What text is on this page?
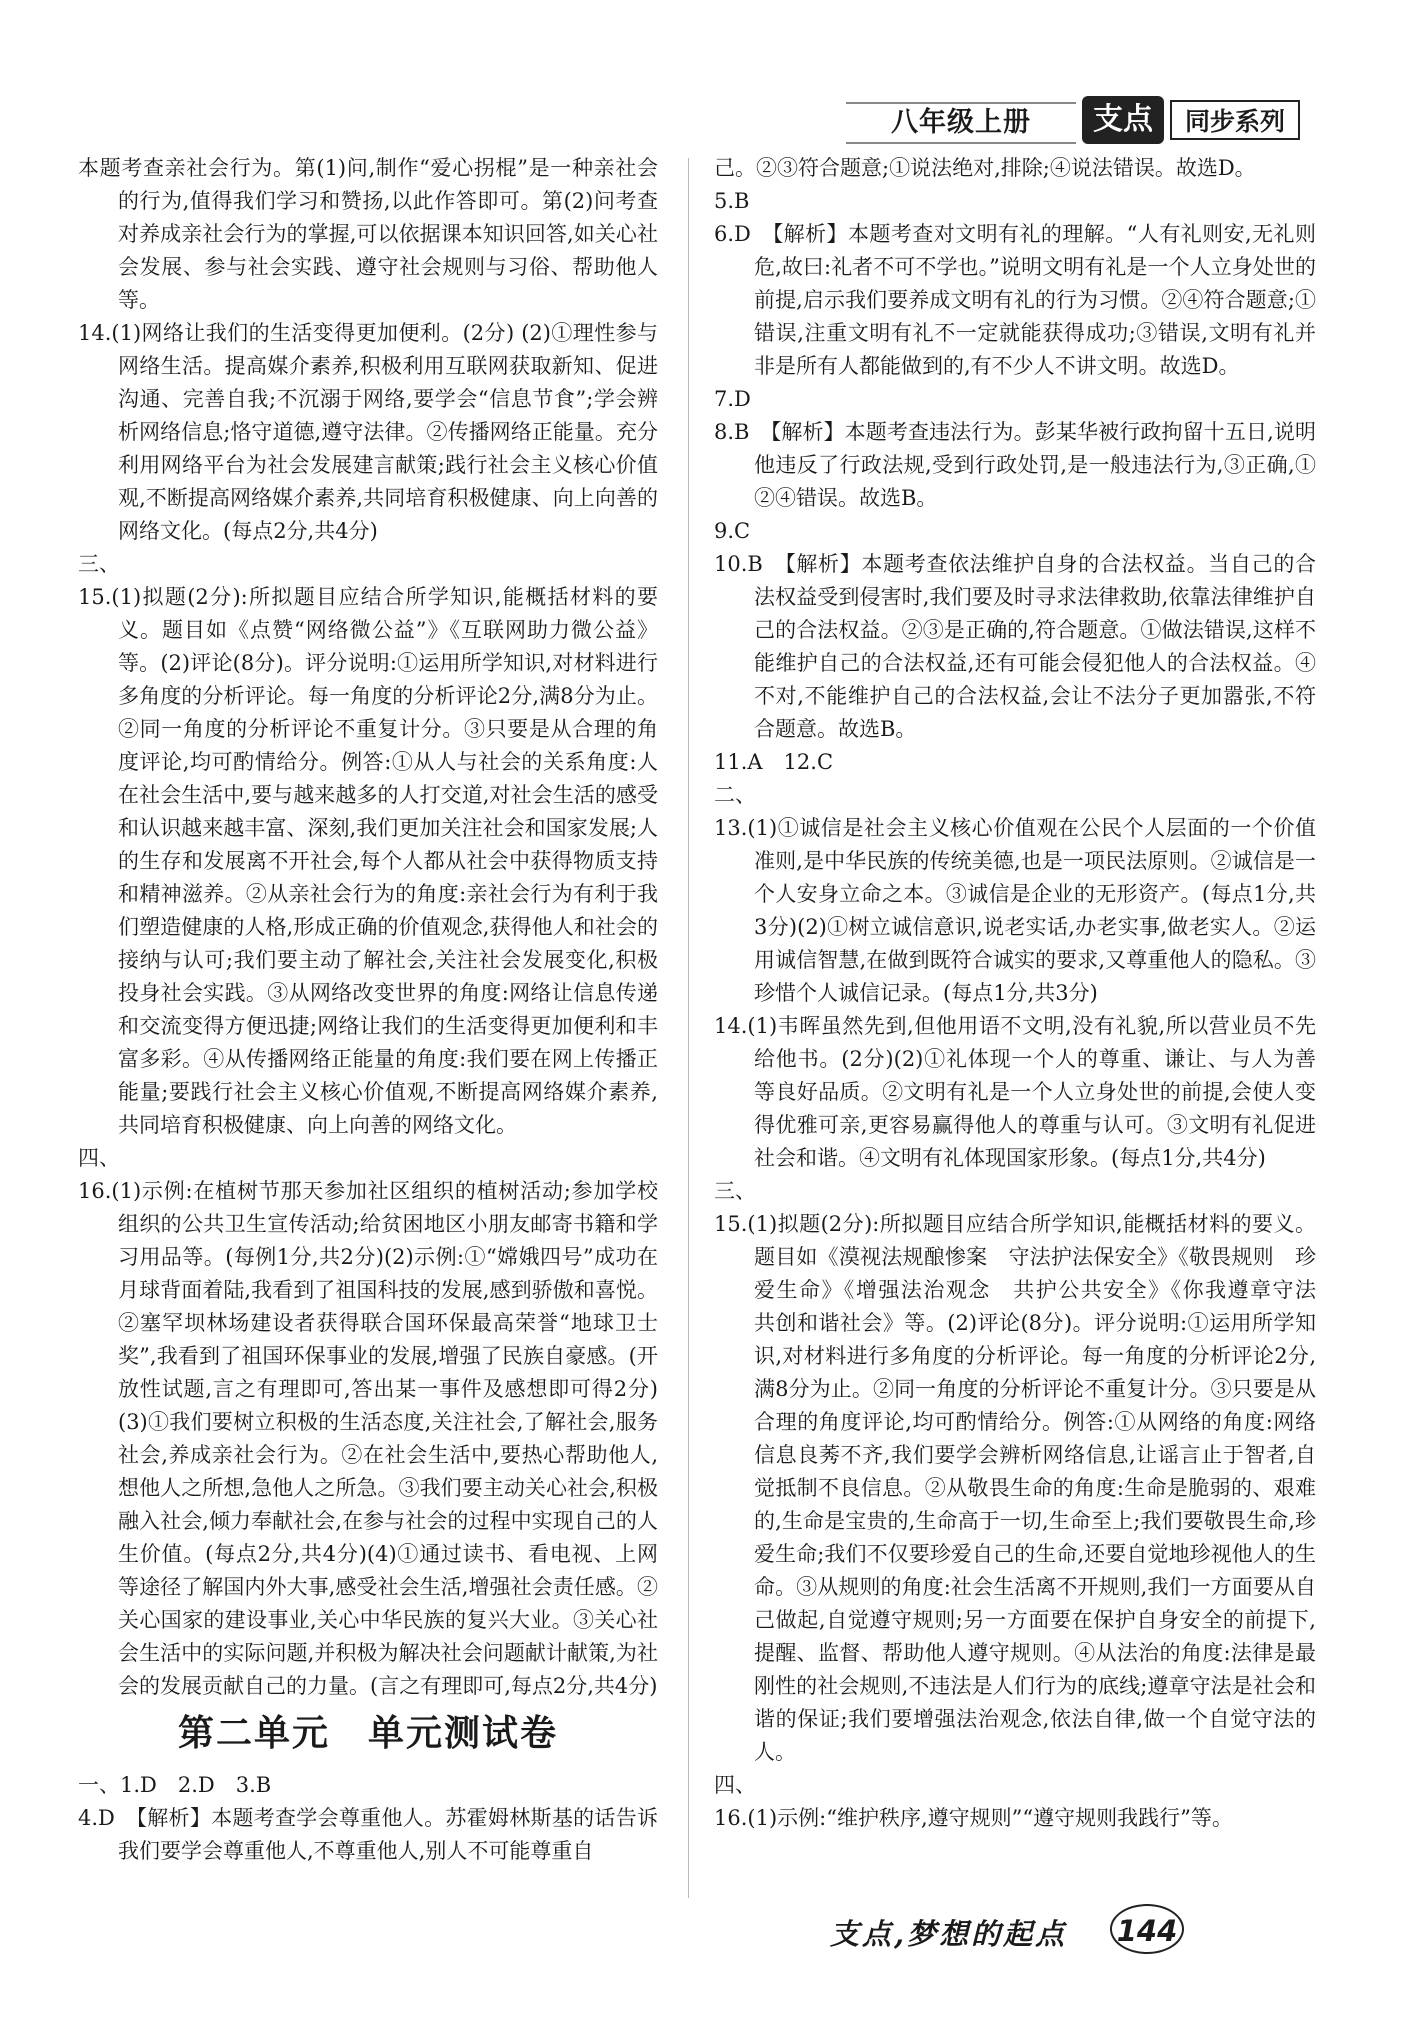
八年级上册	支点	同步系列

本题考查亲社会行为。第(1)问,制作“爱心拐棍”是一种亲社会的行为,值得我们学习和赞扬,以此作答即可。第(2)问考查对养成亲社会行为的掌握,可以依据课本知识回答,如关心社会发展、参与社会实践、遵守社会规则与习俗、帮助他人等。

14.(1)网络让我们的生活变得更加便利。(2分) (2)①理性参与网络生活。提高媒介素养,积极利用互联网获取新知、促进沟通、完善自我;不沉溺于网络,要学会“信息节食”;学会辨析网络信息;恪守道德,遵守法律。②传播网络正能量。充分利用网络平台为社会发展建言献策;践行社会主义核心价值观,不断提高网络媒介素养,共同培育积极健康、向上向善的网络文化。(每点2分,共4分)

三、

15.(1)拟题(2分):所拟题目应结合所学知识,能概括材料的要义。题目如《点赞“网络微公益”》《互联网助力微公益》等。(2)评论(8分)。评分说明:①运用所学知识,对材料进行多角度的分析评论。每一角度的分析评论2分,满8分为止。②同一角度的分析评论不重复计分。③只要是从合理的角度评论,均可酌情给分。例答:①从人与社会的关系角度:人在社会生活中,要与越来越多的人打交道,对社会生活的感受和认识越来越丰富、深刻,我们更加关注社会和国家发展;人的生存和发展离不开社会,每个人都从社会中获得物质支持和精神滋养。②从亲社会行为的角度:亲社会行为有利于我们塑造健康的人格,形成正确的价值观念,获得他人和社会的接纳与认可;我们要主动了解社会,关注社会发展变化,积极投身社会实践。③从网络改变世界的角度:网络让信息传递和交流变得方便迅捷;网络让我们的生活变得更加便利和丰富多彩。④从传播网络正能量的角度:我们要在网上传播正能量;要践行社会主义核心价值观,不断提高网络媒介素养,共同培育积极健康、向上向善的网络文化。

四、

16.(1)示例:在植树节那天参加社区组织的植树活动;参加学校组织的公共卫生宣传活动;给贫困地区小朋友邮寄书籍和学习用品等。(每例1分,共2分)(2)示例:①“嫦娥四号”成功在月球背面着陆,我看到了祖国科技的发展,感到骄傲和喜悦。②塞罕坝林场建设者获得联合国环保最高荣誉“地球卫士奖”,我看到了祖国环保事业的发展,增强了民族自豪感。(开放性试题,言之有理即可,答出某一事件及感想即可得2分)(3)①我们要树立积极的生活态度,关注社会,了解社会,服务社会,养成亲社会行为。②在社会生活中,要热心帮助他人,想他人之所想,急他人之所急。③我们要主动关心社会,积极融入社会,倾力奉献社会,在参与社会的过程中实现自己的人生价值。(每点2分,共4分)(4)①通过读书、看电视、上网等途径了解国内外大事,感受社会生活,增强社会责任感。②关心国家的建设事业,关心中华民族的复兴大业。③关心社会生活中的实际问题,并积极为解决社会问题献计献策,为社会的发展贡献自己的力量。(言之有理即可,每点2分,共4分)

第二单元　单元测试卷

一、1.D　2.D　3.B

4.D　【解析】本题考查学会尊重他人。苏霍姆林斯基的话告诉我们要学会尊重他人,不尊重他人,别人不可能尊重自

己。②③符合题意;①说法绝对,排除;④说法错误。故选D。

5.B

6.D　【解析】本题考查对文明有礼的理解。“人有礼则安,无礼则危,故曰:礼者不可不学也。”说明文明有礼是一个人立身处世的前提,启示我们要养成文明有礼的行为习惯。②④符合题意;①错误,注重文明有礼不一定就能获得成功;③错误,文明有礼并非是所有人都能做到的,有不少人不讲文明。故选D。

7.D

8.B　【解析】本题考查违法行为。彭某华被行政拘留十五日,说明他违反了行政法规,受到行政处罚,是一般违法行为,③正确,①②④错误。故选B。

9.C

10.B　【解析】本题考查依法维护自身的合法权益。当自己的合法权益受到侵害时,我们要及时寻求法律救助,依靠法律维护自己的合法权益。②③是正确的,符合题意。①做法错误,这样不能维护自己的合法权益,还有可能会侵犯他人的合法权益。④不对,不能维护自己的合法权益,会让不法分子更加嚣张,不符合题意。故选B。

11.A　12.C

二、

13.(1)①诚信是社会主义核心价值观在公民个人层面的一个价值准则,是中华民族的传统美德,也是一项民法原则。②诚信是一个人安身立命之本。③诚信是企业的无形资产。(每点1分,共3分)(2)①树立诚信意识,说老实话,办老实事,做老实人。②运用诚信智慧,在做到既符合诚实的要求,又尊重他人的隐私。③珍惜个人诚信记录。(每点1分,共3分)

14.(1)韦晖虽然先到,但他用语不文明,没有礼貌,所以营业员不先给他书。(2分)(2)①礼体现一个人的尊重、谦让、与人为善等良好品质。②文明有礼是一个人立身处世的前提,会使人变得优雅可亲,更容易赢得他人的尊重与认可。③文明有礼促进社会和谐。④文明有礼体现国家形象。(每点1分,共4分)

三、

15.(1)拟题(2分):所拟题目应结合所学知识,能概括材料的要义。题目如《漠视法规酿惨案　守法护法保安全》《敬畏规则　珍爱生命》《增强法治观念　共护公共安全》《你我遵章守法　共创和谐社会》等。(2)评论(8分)。评分说明:①运用所学知识,对材料进行多角度的分析评论。每一角度的分析评论2分,满8分为止。②同一角度的分析评论不重复计分。③只要是从合理的角度评论,均可酌情给分。例答:①从网络的角度:网络信息良莠不齐,我们要学会辨析网络信息,让谣言止于智者,自觉抵制不良信息。②从敬畏生命的角度:生命是脆弱的、艰难的,生命是宝贵的,生命高于一切,生命至上;我们要敬畏生命,珍爱生命;我们不仅要珍爱自己的生命,还要自觉地珍视他人的生命。③从规则的角度:社会生活离不开规则,我们一方面要从自己做起,自觉遵守规则;另一方面要在保护自身安全的前提下,提醒、监督、帮助他人遵守规则。④从法治的角度:法律是最刚性的社会规则,不违法是人们行为的底线;遵章守法是社会和谐的保证;我们要增强法治观念,依法自律,做一个自觉守法的人。

四、

16.(1)示例:“维护秩序,遵守规则”“遵守规则我践行”等。

支点,梦想的起点 144
